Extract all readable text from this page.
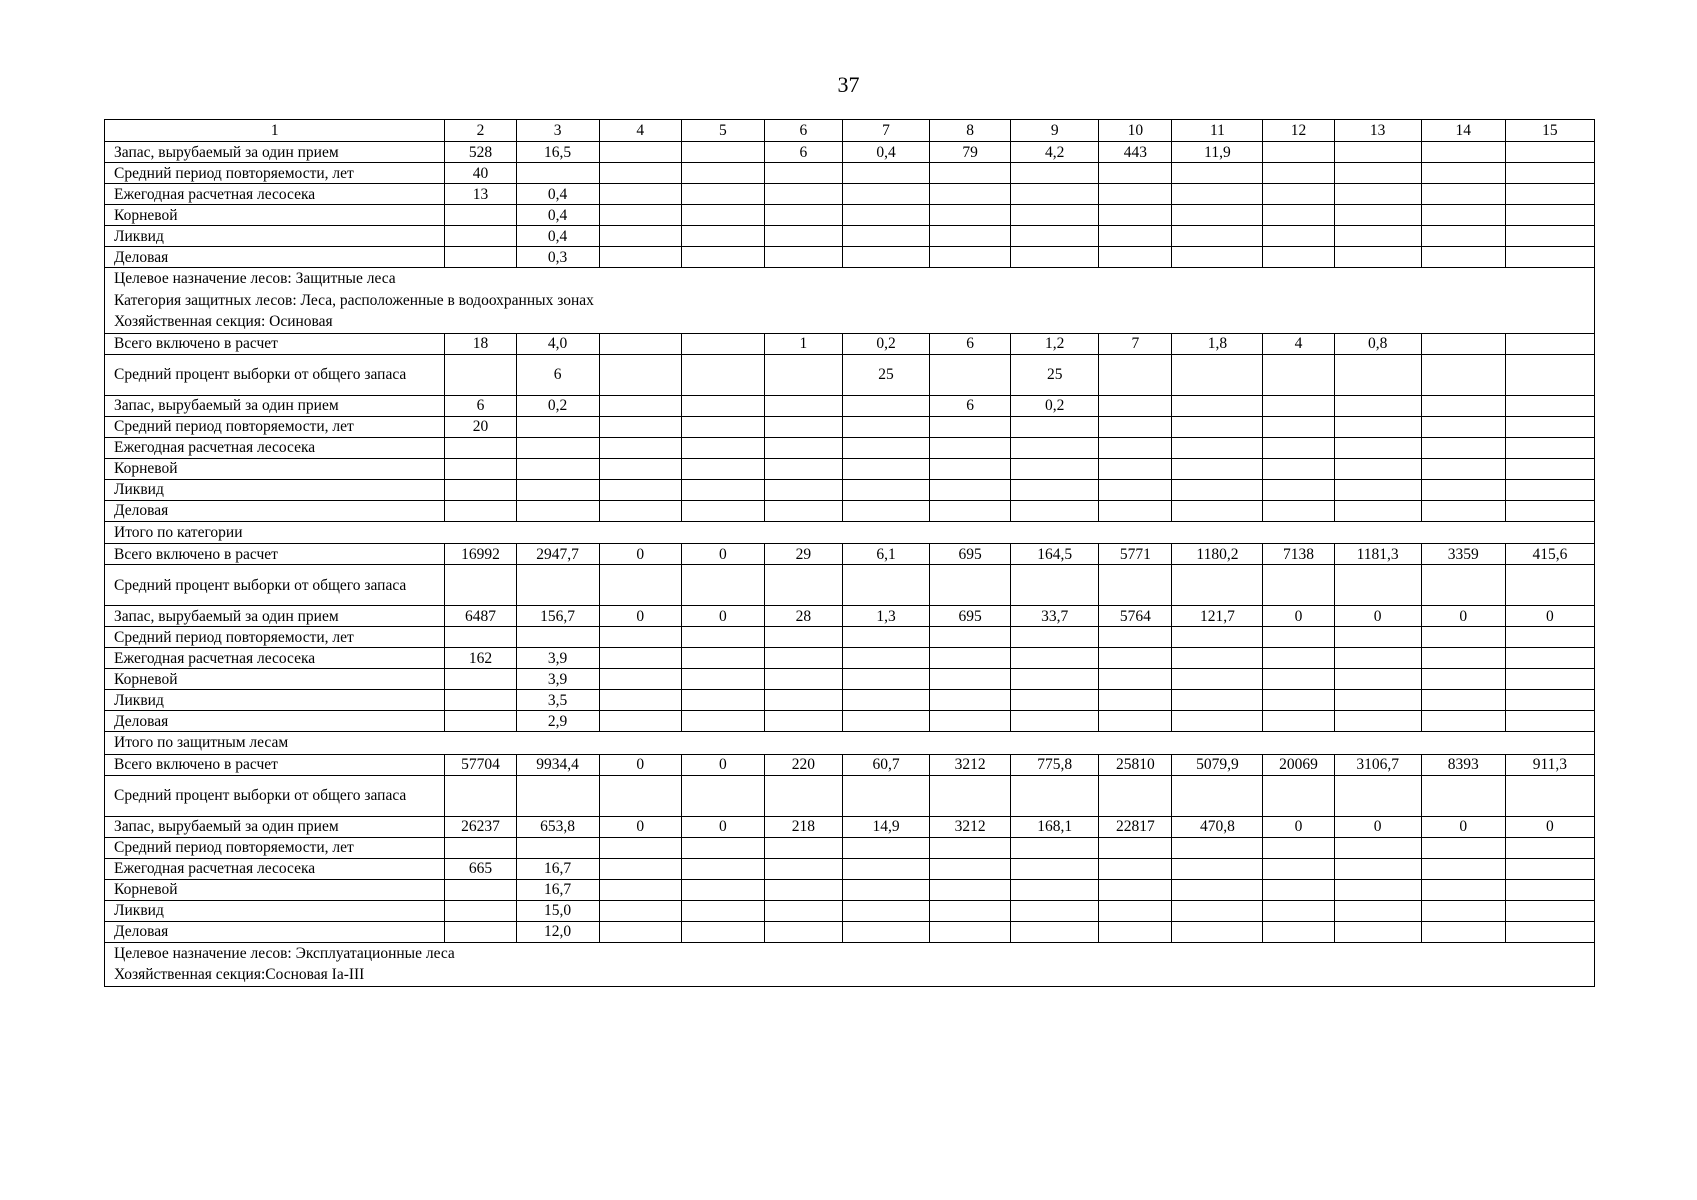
37
1	2	3	4	5	6	7	8	9	10	11	12	13	14	15
Запас, вырубаемый за один прием	528	16,5			6	0,4	79	4,2	443	11,9				
Средний период повторяемости, лет	40													
Ежегодная расчетная лесосека	13	0,4												
Корневой		0,4												
Ликвид		0,4												
Деловая		0,3												

Целевое назначение лесов: Защитные леса
Категория защитных лесов: Леса, расположенные в водоохранных зонах
Хозяйственная секция: Осиновая														

Всего включено в расчет	18	4,0			1	0,2	6	1,2	7	1,8	4	0,8		
Средний процент выборки от общего запаса		6				25		25						
Запас, вырубаемый за один прием	6	0,2					6	0,2						
Средний период повторяемости, лет	20													
Ежегодная расчетная лесосека														
Корневой														
Ликвид														
Деловая														

Итого по категории														

Всего включено в расчет	16992	2947,7	0	0	29	6,1	695	164,5	5771	1180,2	7138	1181,3	3359	415,6
Средний процент выборки от общего запаса														
Запас, вырубаемый за один прием	6487	156,7	0	0	28	1,3	695	33,7	5764	121,7	0	0	0	0
Средний период повторяемости, лет														
Ежегодная расчетная лесосека	162	3,9												
Корневой		3,9												
Ликвид		3,5												
Деловая		2,9												

Итого по защитным лесам														

Всего включено в расчет	57704	9934,4	0	0	220	60,7	3212	775,8	25810	5079,9	20069	3106,7	8393	911,3
Средний процент выборки от общего запаса														
Запас, вырубаемый за один прием	26237	653,8	0	0	218	14,9	3212	168,1	22817	470,8	0	0	0	0
Средний период повторяемости, лет														
Ежегодная расчетная лесосека	665	16,7												
Корневой		16,7												
Ликвид		15,0												
Деловая		12,0												

Целевое назначение лесов: Эксплуатационные леса
Хозяйственная секция:Сосновая Iа-III														
